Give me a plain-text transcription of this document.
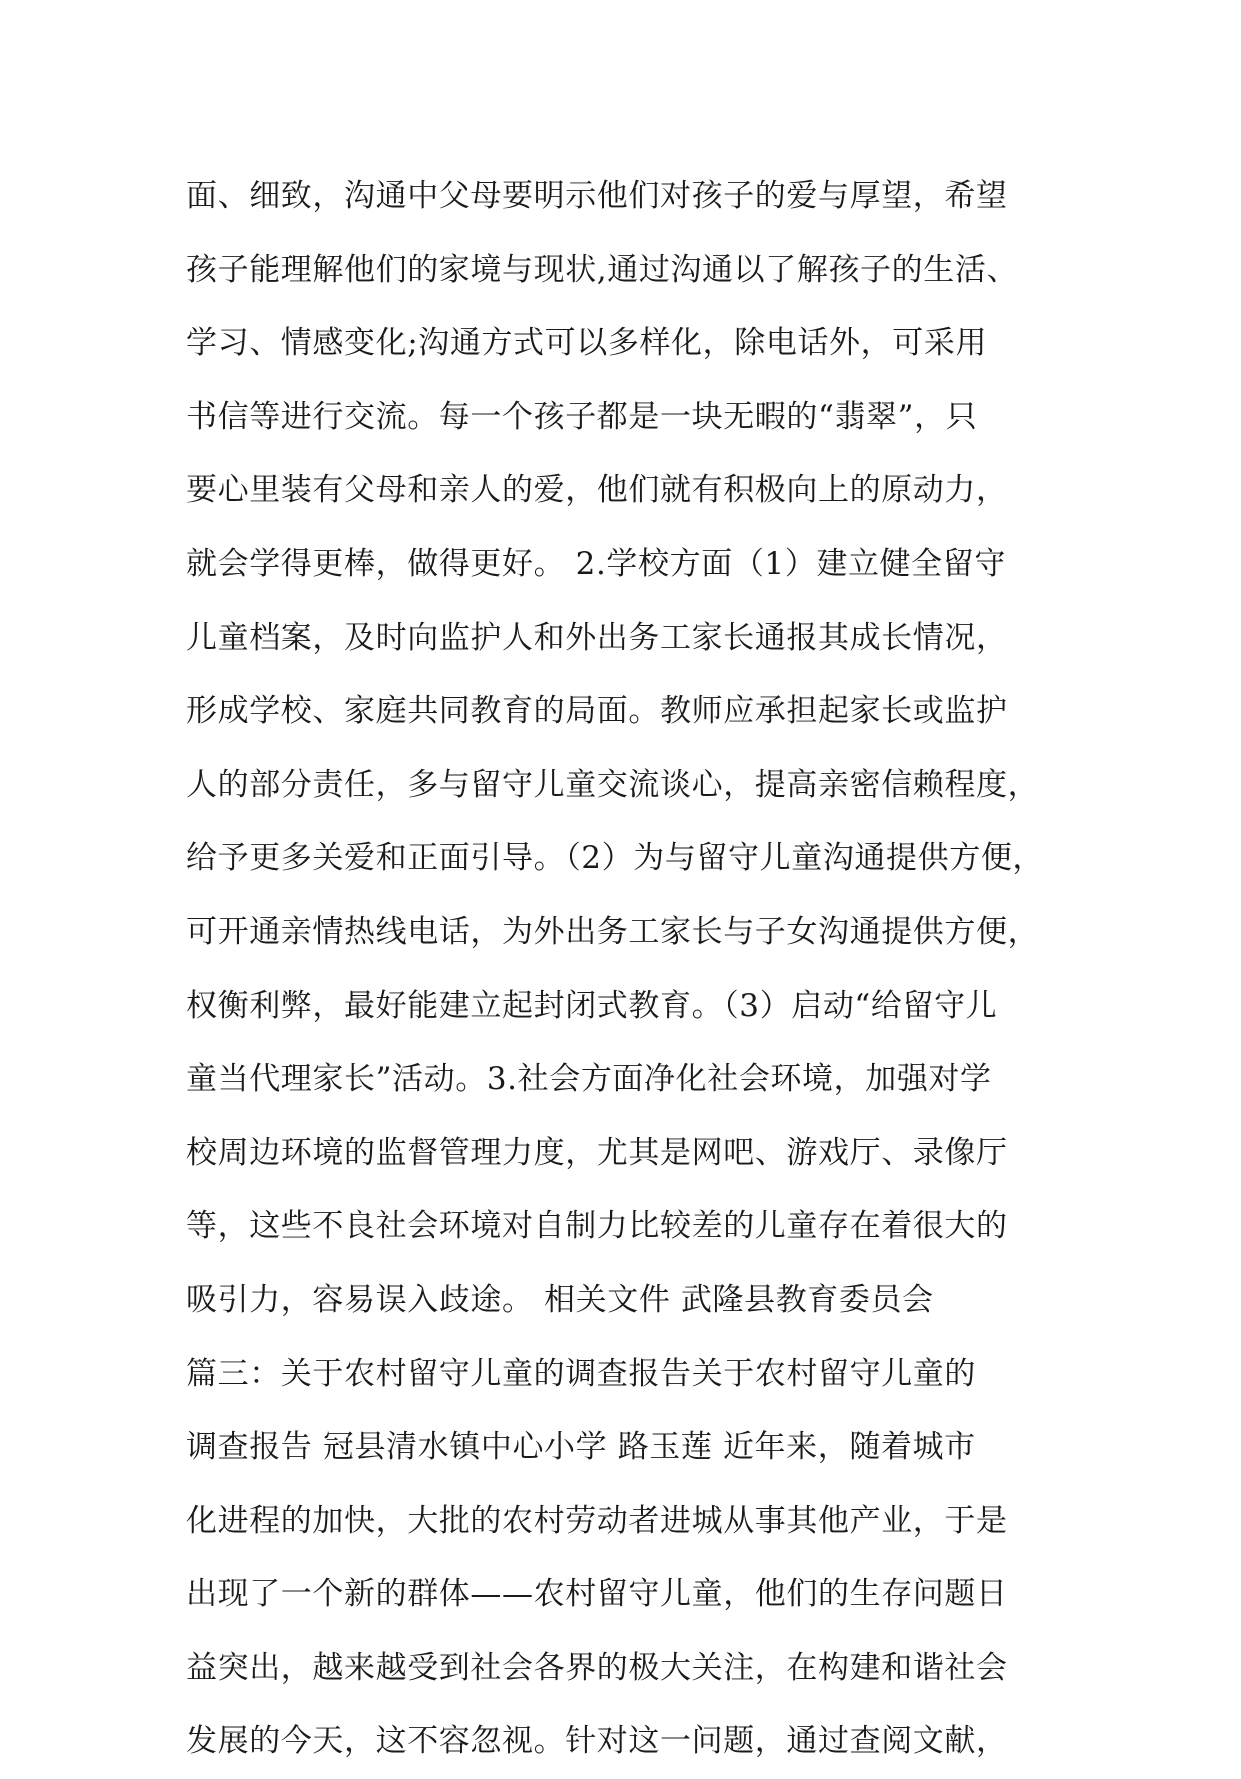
面、细致，沟通中父母要明示他们对孩子的爱与厚望，希望
孩子能理解他们的家境与现状,通过沟通以了解孩子的生活、
学习、情感变化;沟通方式可以多样化，除电话外，可采用
书信等进行交流。每一个孩子都是一块无暇的“翡翠”，只
要心里装有父母和亲人的爱，他们就有积极向上的原动力，
就会学得更棒，做得更好。 2.学校方面（1）建立健全留守
儿童档案，及时向监护人和外出务工家长通报其成长情况，
形成学校、家庭共同教育的局面。教师应承担起家长或监护
人的部分责任，多与留守儿童交流谈心，提高亲密信赖程度，
给予更多关爱和正面引导。（2）为与留守儿童沟通提供方便，
可开通亲情热线电话，为外出务工家长与子女沟通提供方便，
权衡利弊，最好能建立起封闭式教育。（3）启动“给留守儿
童当代理家长”活动。3.社会方面净化社会环境，加强对学
校周边环境的监督管理力度，尤其是网吧、游戏厅、录像厅
等，这些不良社会环境对自制力比较差的儿童存在着很大的
吸引力，容易误入歧途。 相关文件 武隆县教育委员会
篇三：关于农村留守儿童的调查报告关于农村留守儿童的
调查报告 冠县清水镇中心小学 路玉莲 近年来，随着城市
化进程的加快，大批的农村劳动者进城从事其他产业，于是
出现了一个新的群体——农村留守儿童，他们的生存问题日
益突出，越来越受到社会各界的极大关注，在构建和谐社会
发展的今天，这不容忽视。针对这一问题，通过查阅文献，
